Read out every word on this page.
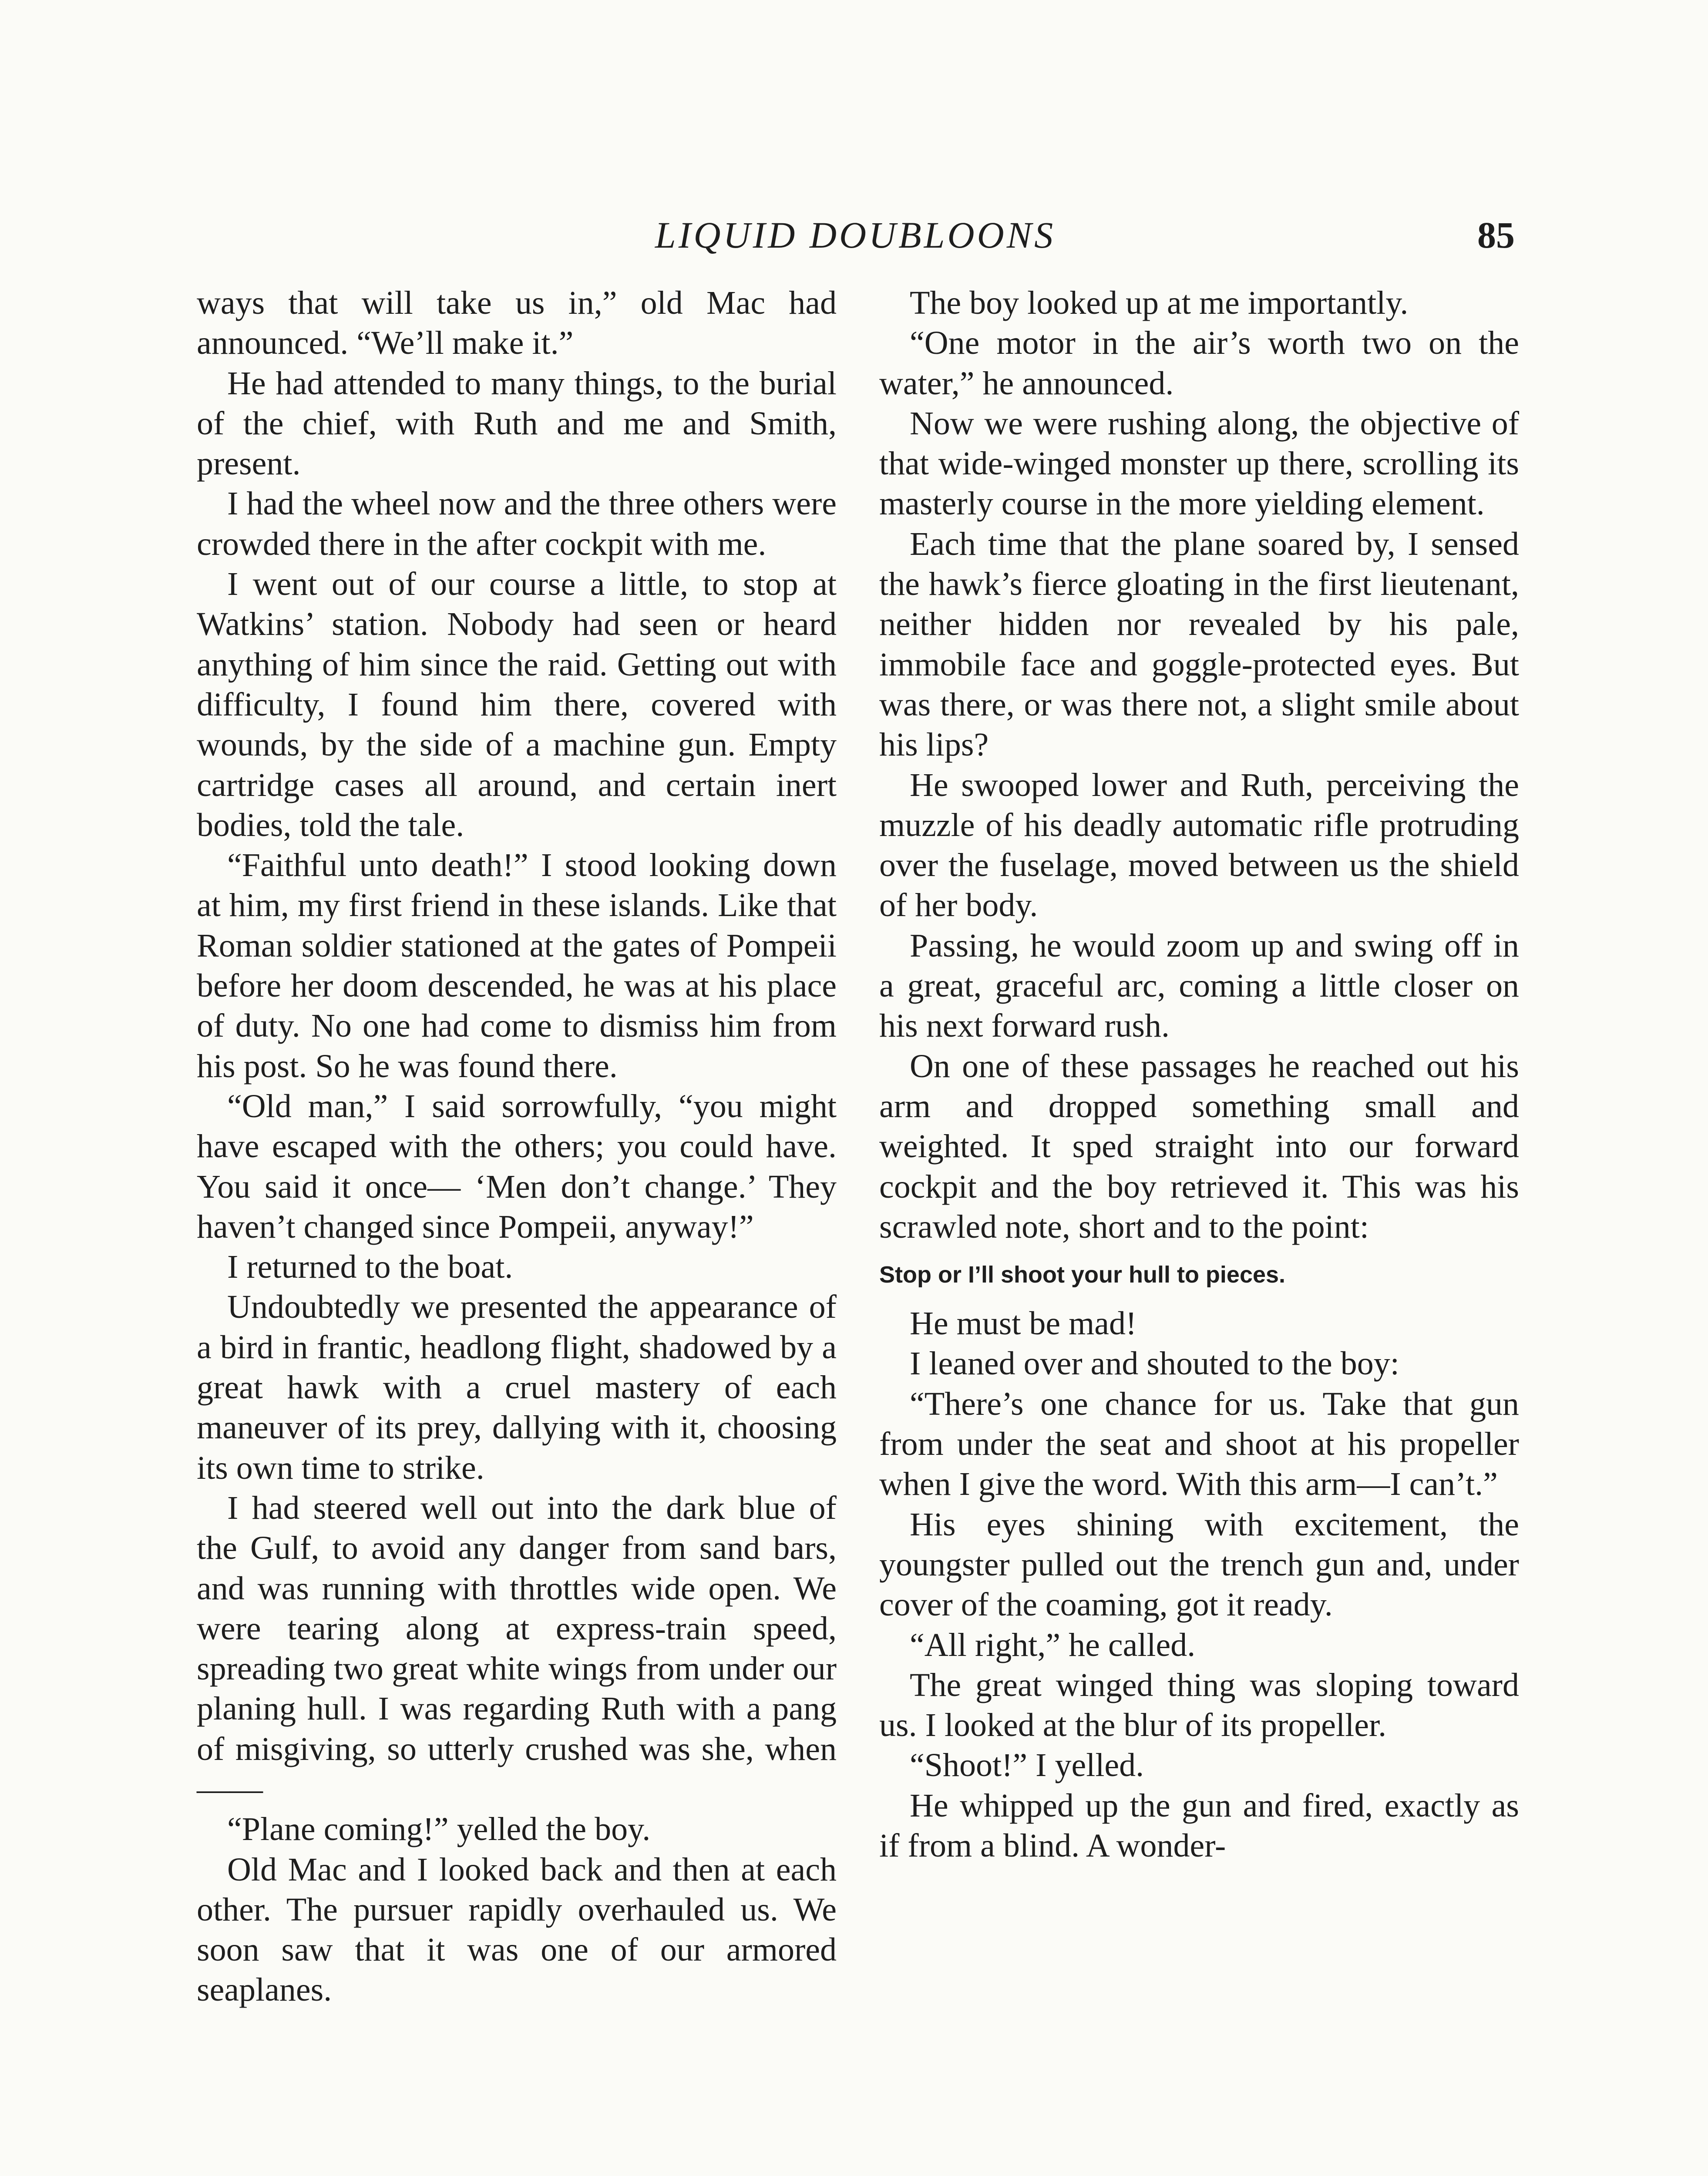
LIQUID DOUBLOONS	85

ways that will take us in,” old Mac had announced. “We’ll make it.”

He had attended to many things, to the burial of the chief, with Ruth and me and Smith, present.

I had the wheel now and the three others were crowded there in the after cockpit with me.

I went out of our course a little, to stop at Watkins’ station. Nobody had seen or heard anything of him since the raid. Getting out with difficulty, I found him there, covered with wounds, by the side of a machine gun. Empty cartridge cases all around, and certain inert bodies, told the tale.

“Faithful unto death!” I stood looking down at him, my first friend in these islands. Like that Roman soldier stationed at the gates of Pompeii before her doom descended, he was at his place of duty. No one had come to dismiss him from his post. So he was found there.

“Old man,” I said sorrowfully, “you might have escaped with the others; you could have. You said it once— ‘Men don’t change.’ They haven’t changed since Pompeii, anyway!”

I returned to the boat.

Undoubtedly we presented the appearance of a bird in frantic, headlong flight, shadowed by a great hawk with a cruel mastery of each maneuver of its prey, dallying with it, choosing its own time to strike.

I had steered well out into the dark blue of the Gulf, to avoid any danger from sand bars, and was running with throttles wide open. We were tearing along at express-train speed, spreading two great white wings from under our planing hull. I was regarding Ruth with a pang of misgiving, so utterly crushed was she, when——

“Plane coming!” yelled the boy.

Old Mac and I looked back and then at each other. The pursuer rapidly overhauled us. We soon saw that it was one of our armored seaplanes.

The boy looked up at me importantly.

“One motor in the air’s worth two on the water,” he announced.

Now we were rushing along, the objective of that wide-winged monster up there, scrolling its masterly course in the more yielding element.

Each time that the plane soared by, I sensed the hawk’s fierce gloating in the first lieutenant, neither hidden nor revealed by his pale, immobile face and goggle-protected eyes. But was there, or was there not, a slight smile about his lips?

He swooped lower and Ruth, perceiving the muzzle of his deadly automatic rifle protruding over the fuselage, moved between us the shield of her body.

Passing, he would zoom up and swing off in a great, graceful arc, coming a little closer on his next forward rush.

On one of these passages he reached out his arm and dropped something small and weighted. It sped straight into our forward cockpit and the boy retrieved it. This was his scrawled note, short and to the point:

Stop or I’ll shoot your hull to pieces.

He must be mad!

I leaned over and shouted to the boy:

“There’s one chance for us. Take that gun from under the seat and shoot at his propeller when I give the word. With this arm—I can’t.”

His eyes shining with excitement, the youngster pulled out the trench gun and, under cover of the coaming, got it ready.

“All right,” he called.

The great winged thing was sloping toward us. I looked at the blur of its propeller.

“Shoot!” I yelled.

He whipped up the gun and fired, exactly as if from a blind. A wonder-
